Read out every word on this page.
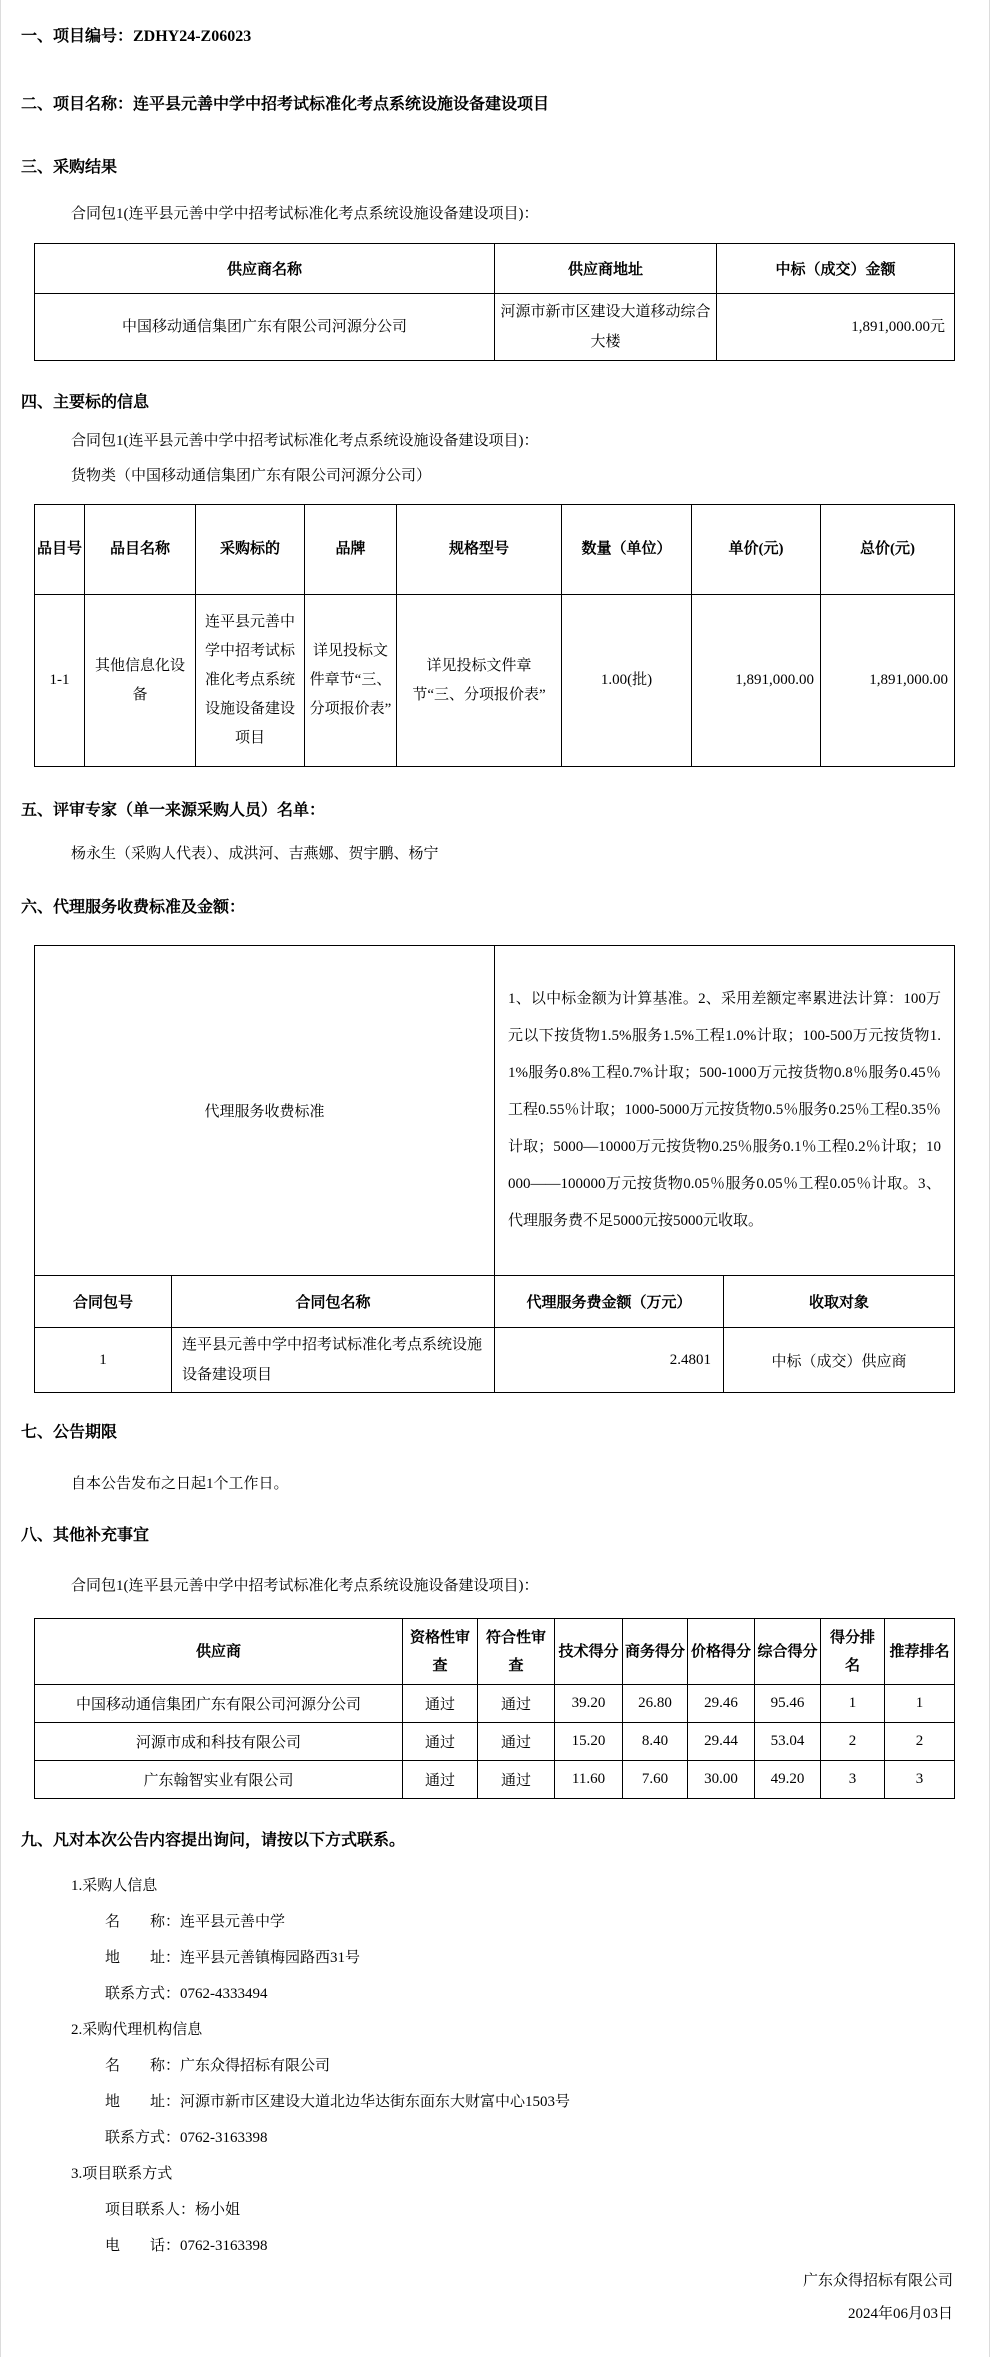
一、项目编号：ZDHY24-Z06023
二、项目名称：连平县元善中学中招考试标准化考点系统设施设备建设项目
三、采购结果
合同包1(连平县元善中学中招考试标准化考点系统设施设备建设项目)：
供应商名称	供应商地址	中标（成交）金额
中国移动通信集团广东有限公司河源分公司	河源市新市区建设大道移动综合大楼	1,891,000.00元
四、主要标的信息
合同包1(连平县元善中学中招考试标准化考点系统设施设备建设项目)：
货物类（中国移动通信集团广东有限公司河源分公司）
品目号	品目名称	采购标的	品牌	规格型号	数量（单位）	单价(元)	总价(元)
1-1	其他信息化设备	连平县元善中学中招考试标准化考点系统设施设备建设项目	详见投标文件章节“三、分项报价表”	详见投标文件章节“三、分项报价表”	1.00(批)	1,891,000.00	1,891,000.00
五、评审专家（单一来源采购人员）名单：
杨永生（采购人代表）、成洪河、吉燕娜、贺宇鹏、杨宁
六、代理服务收费标准及金额：
代理服务收费标准		1、以中标金额为计算基准。2、采用差额定率累进法计算：100万元以下按货物1.5%服务1.5%工程1.0%计取；100-500万元按货物1.1%服务0.8%工程0.7%计取；500-1000万元按货物0.8％服务0.45％工程0.55％计取；1000-5000万元按货物0.5％服务0.25％工程0.35％计取；5000—10000万元按货物0.25％服务0.1％工程0.2％计取；10000——100000万元按货物0.05％服务0.05％工程0.05％计取。3、代理服务费不足5000元按5000元收取。	
合同包号	合同包名称	代理服务费金额（万元）	收取对象
1	连平县元善中学中招考试标准化考点系统设施设备建设项目	2.4801	中标（成交）供应商
七、公告期限
自本公告发布之日起1个工作日。
八、其他补充事宜
合同包1(连平县元善中学中招考试标准化考点系统设施设备建设项目)：
供应商	资格性审查	符合性审查	技术得分	商务得分	价格得分	综合得分	得分排名	推荐排名
中国移动通信集团广东有限公司河源分公司	通过	通过	39.20	26.80	29.46	95.46	1	1
河源市成和科技有限公司	通过	通过	15.20	8.40	29.44	53.04	2	2
广东翰智实业有限公司	通过	通过	11.60	7.60	30.00	49.20	3	3
九、凡对本次公告内容提出询问，请按以下方式联系。
1.采购人信息
名　　称：连平县元善中学
地　　址：连平县元善镇梅园路西31号
联系方式：0762-4333494
2.采购代理机构信息
名　　称：广东众得招标有限公司
地　　址：河源市新市区建设大道北边华达街东面东大财富中心1503号
联系方式：0762-3163398
3.项目联系方式
项目联系人：杨小姐
电　　话：0762-3163398
广东众得招标有限公司
2024年06月03日
